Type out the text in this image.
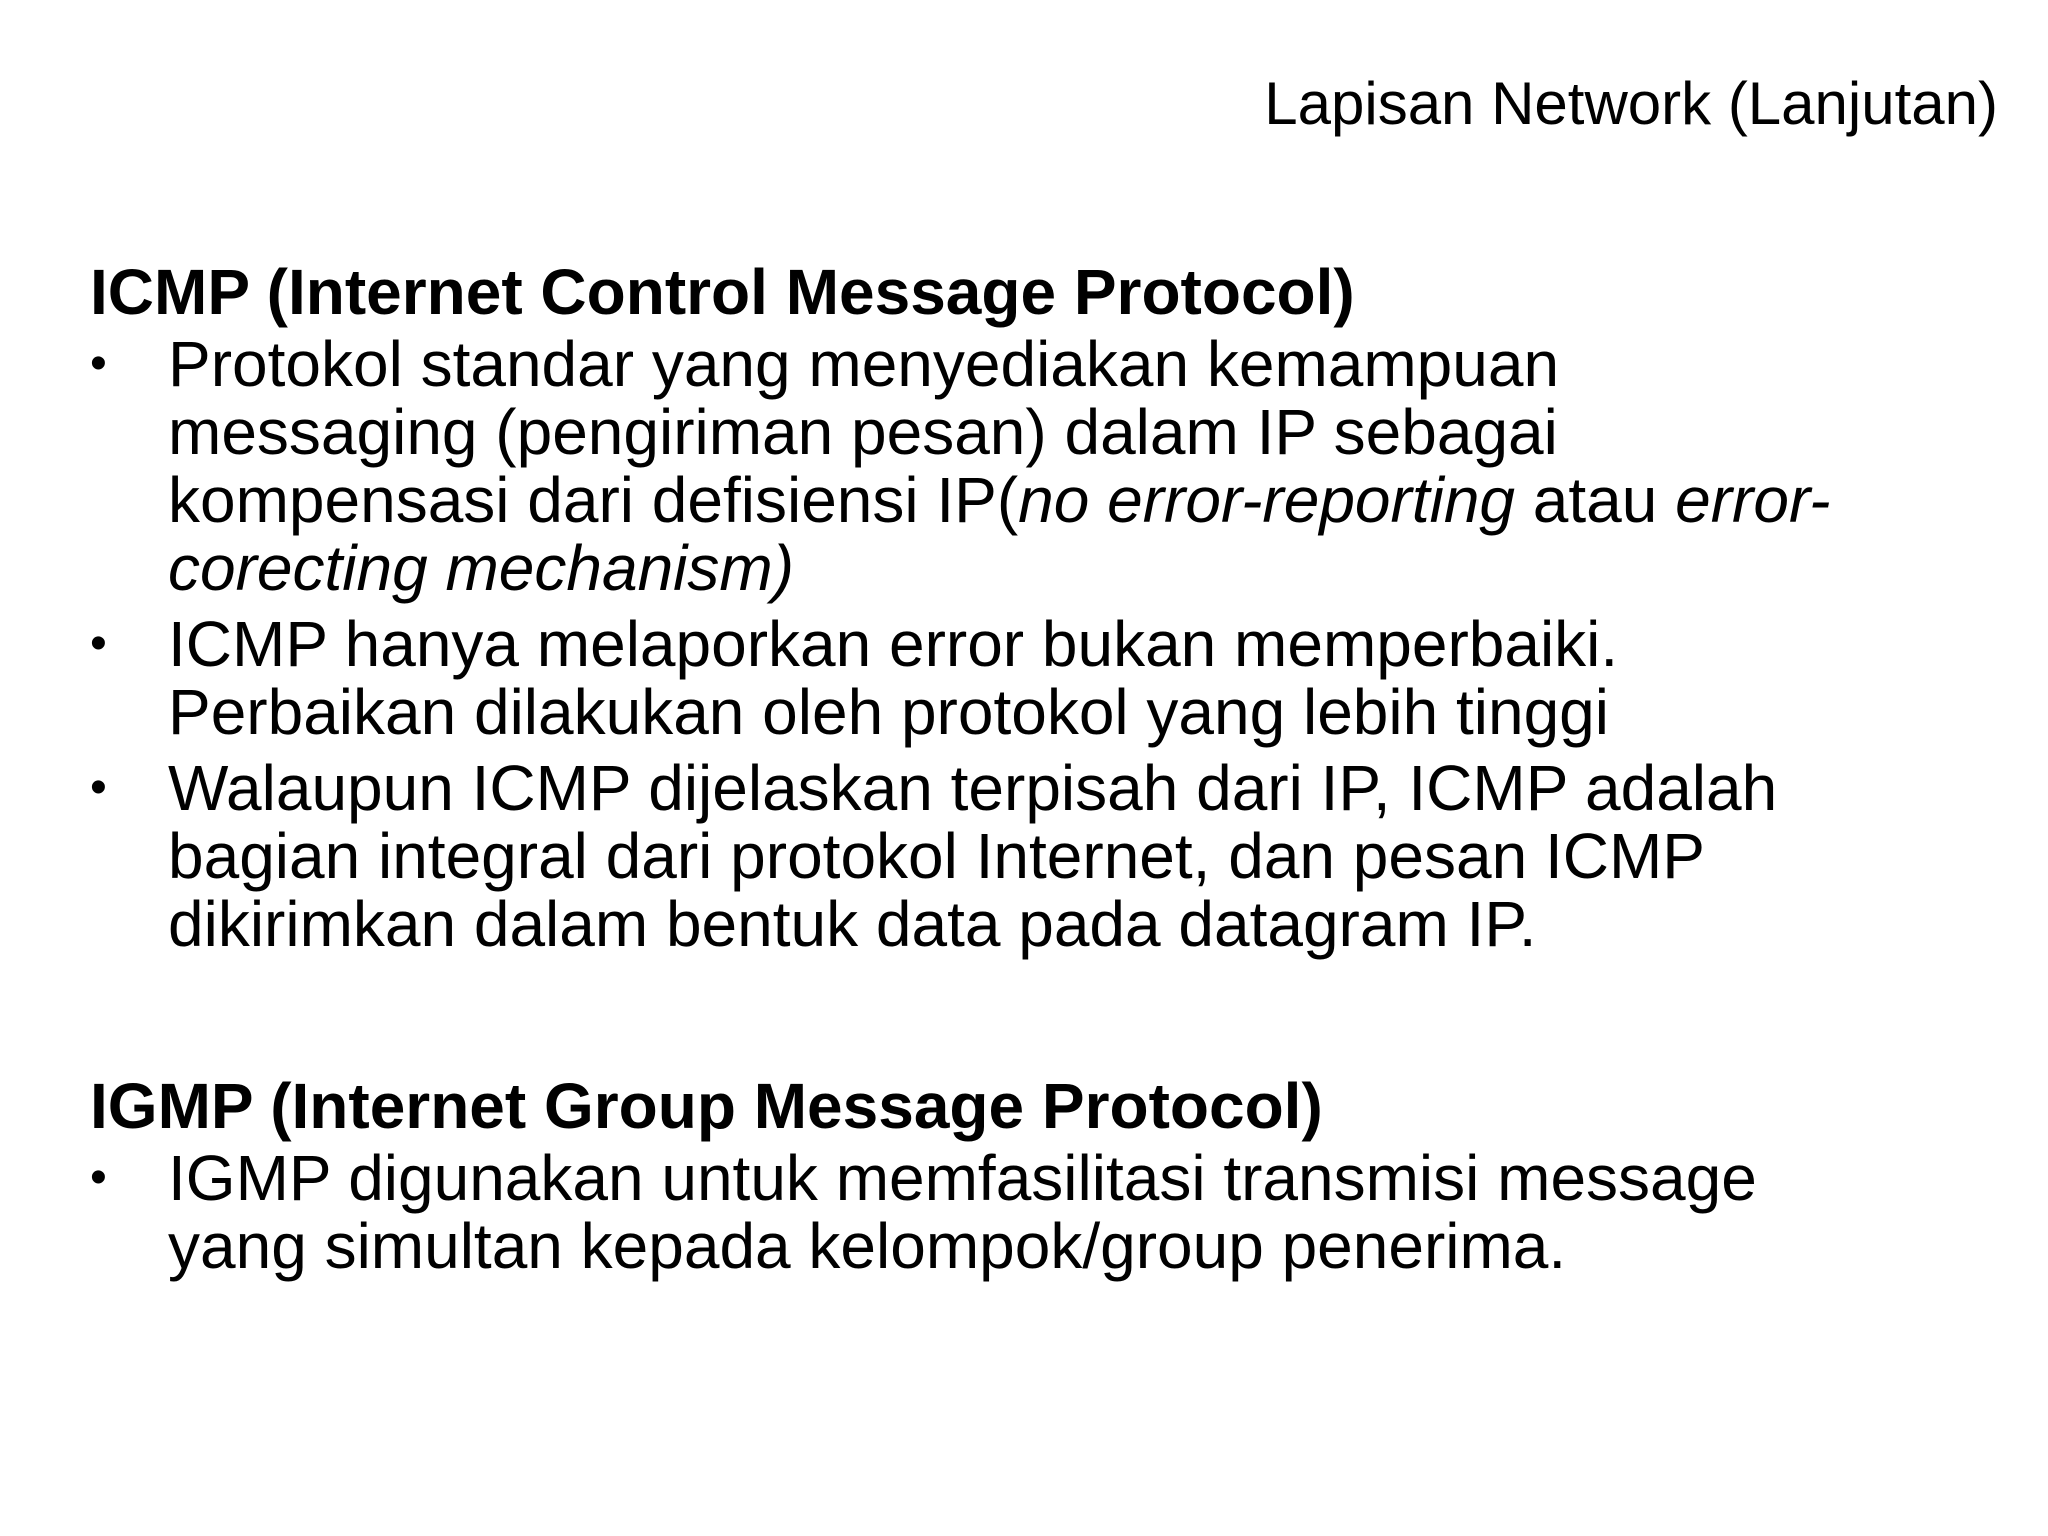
Lapisan Network (Lanjutan)
ICMP (Internet Control Message Protocol)
• Protokol standar yang menyediakan kemampuan
messaging (pengiriman pesan) dalam IP sebagai
kompensasi dari defisiensi IP(no error-reporting atau error-
corecting mechanism)
• ICMP hanya melaporkan error bukan memperbaiki.
Perbaikan dilakukan oleh protokol yang lebih tinggi
• Walaupun ICMP dijelaskan terpisah dari IP, ICMP adalah
bagian integral dari protokol Internet, dan pesan ICMP
dikirimkan dalam bentuk data pada datagram IP.
IGMP (Internet Group Message Protocol)
• IGMP digunakan untuk memfasilitasi transmisi message
yang simultan kepada kelompok/group penerima.
